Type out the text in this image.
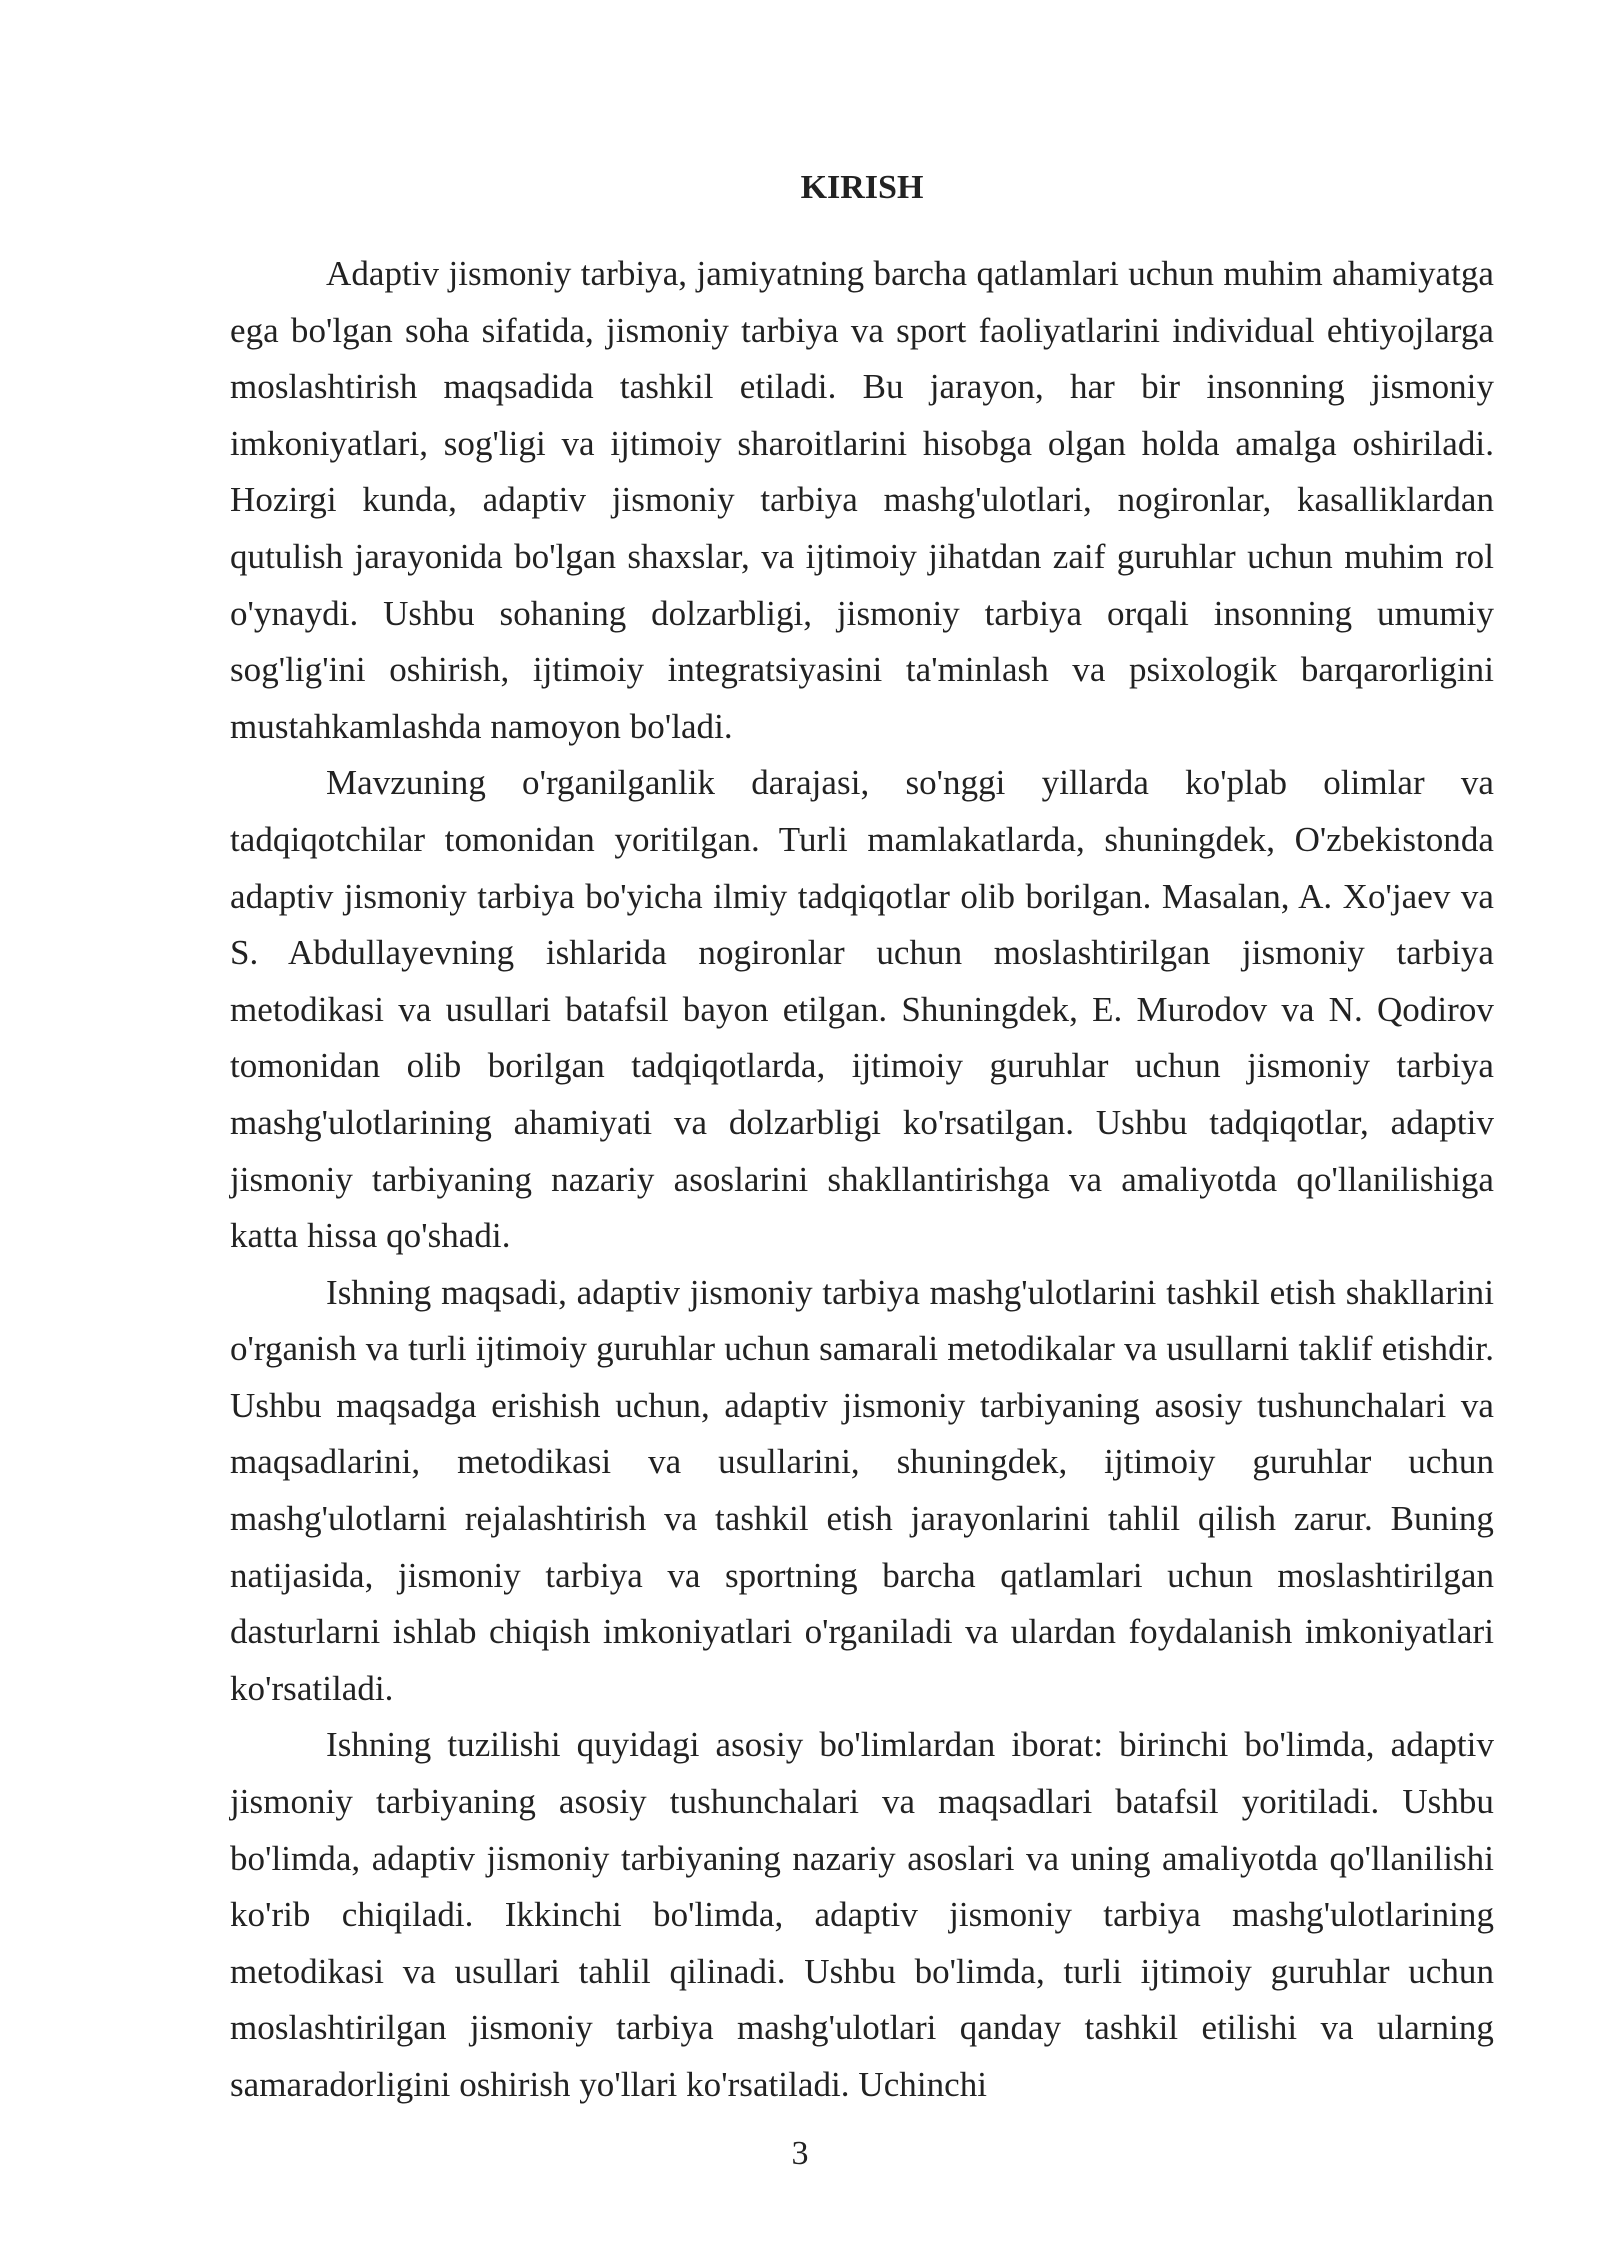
KIRISH

Adaptiv jismoniy tarbiya, jamiyatning barcha qatlamlari uchun muhim ahamiyatga ega bo'lgan soha sifatida, jismoniy tarbiya va sport faoliyatlarini individual ehtiyojlarga moslashtirish maqsadida tashkil etiladi. Bu jarayon, har bir insonning jismoniy imkoniyatlari, sog'ligi va ijtimoiy sharoitlarini hisobga olgan holda amalga oshiriladi. Hozirgi kunda, adaptiv jismoniy tarbiya mashg'ulotlari, nogironlar, kasalliklardan qutulish jarayonida bo'lgan shaxslar, va ijtimoiy jihatdan zaif guruhlar uchun muhim rol o'ynaydi. Ushbu sohaning dolzarbligi, jismoniy tarbiya orqali insonning umumiy sog'lig'ini oshirish, ijtimoiy integratsiyasini ta'minlash va psixologik barqarorligini mustahkamlashda namoyon bo'ladi.

Mavzuning o'rganilganlik darajasi, so'nggi yillarda ko'plab olimlar va tadqiqotchilar tomonidan yoritilgan. Turli mamlakatlarda, shuningdek, O'zbekistonda adaptiv jismoniy tarbiya bo'yicha ilmiy tadqiqotlar olib borilgan. Masalan, A. Xo'jaev va S. Abdullayevning ishlarida nogironlar uchun moslashtirilgan jismoniy tarbiya metodikasi va usullari batafsil bayon etilgan. Shuningdek, E. Murodov va N. Qodirov tomonidan olib borilgan tadqiqotlarda, ijtimoiy guruhlar uchun jismoniy tarbiya mashg'ulotlarining ahamiyati va dolzarbligi ko'rsatilgan. Ushbu tadqiqotlar, adaptiv jismoniy tarbiyaning nazariy asoslarini shakllantirishga va amaliyotda qo'llanilishiga katta hissa qo'shadi.

Ishning maqsadi, adaptiv jismoniy tarbiya mashg'ulotlarini tashkil etish shakllarini o'rganish va turli ijtimoiy guruhlar uchun samarali metodikalar va usullarni taklif etishdir. Ushbu maqsadga erishish uchun, adaptiv jismoniy tarbiyaning asosiy tushunchalari va maqsadlarini, metodikasi va usullarini, shuningdek, ijtimoiy guruhlar uchun mashg'ulotlarni rejalashtirish va tashkil etish jarayonlarini tahlil qilish zarur. Buning natijasida, jismoniy tarbiya va sportning barcha qatlamlari uchun moslashtirilgan dasturlarni ishlab chiqish imkoniyatlari o'rganiladi va ulardan foydalanish imkoniyatlari ko'rsatiladi.

Ishning tuzilishi quyidagi asosiy bo'limlardan iborat: birinchi bo'limda, adaptiv jismoniy tarbiyaning asosiy tushunchalari va maqsadlari batafsil yoritiladi. Ushbu bo'limda, adaptiv jismoniy tarbiyaning nazariy asoslari va uning amaliyotda qo'llanilishi ko'rib chiqiladi. Ikkinchi bo'limda, adaptiv jismoniy tarbiya mashg'ulotlarining metodikasi va usullari tahlil qilinadi. Ushbu bo'limda, turli ijtimoiy guruhlar uchun moslashtirilgan jismoniy tarbiya mashg'ulotlari qanday tashkil etilishi va ularning samaradorligini oshirish yo'llari ko'rsatiladi. Uchinchi

3
